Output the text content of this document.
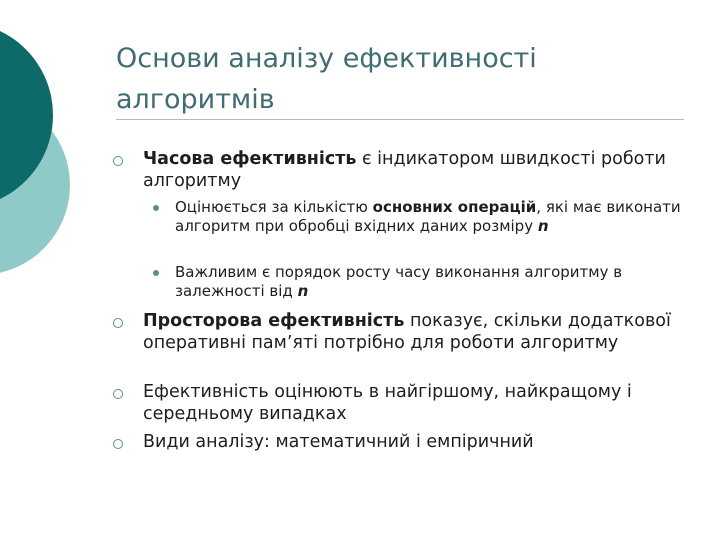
Основи аналізу ефективності
алгоритмів
Часова ефективність є індикатором швидкості роботи алгоритму
Оцінюється за кількістю основних операцій, які має виконати алгоритм при обробці вхідних даних розміру n
Важливим є порядок росту часу виконання алгоритму в залежності від n
Просторова ефективність показує, скільки додаткової оперативні пам’яті потрібно для роботи алгоритму
Ефективність оцінюють в найгіршому, найкращому і середньому випадках
Види аналізу: математичний і емпіричний
